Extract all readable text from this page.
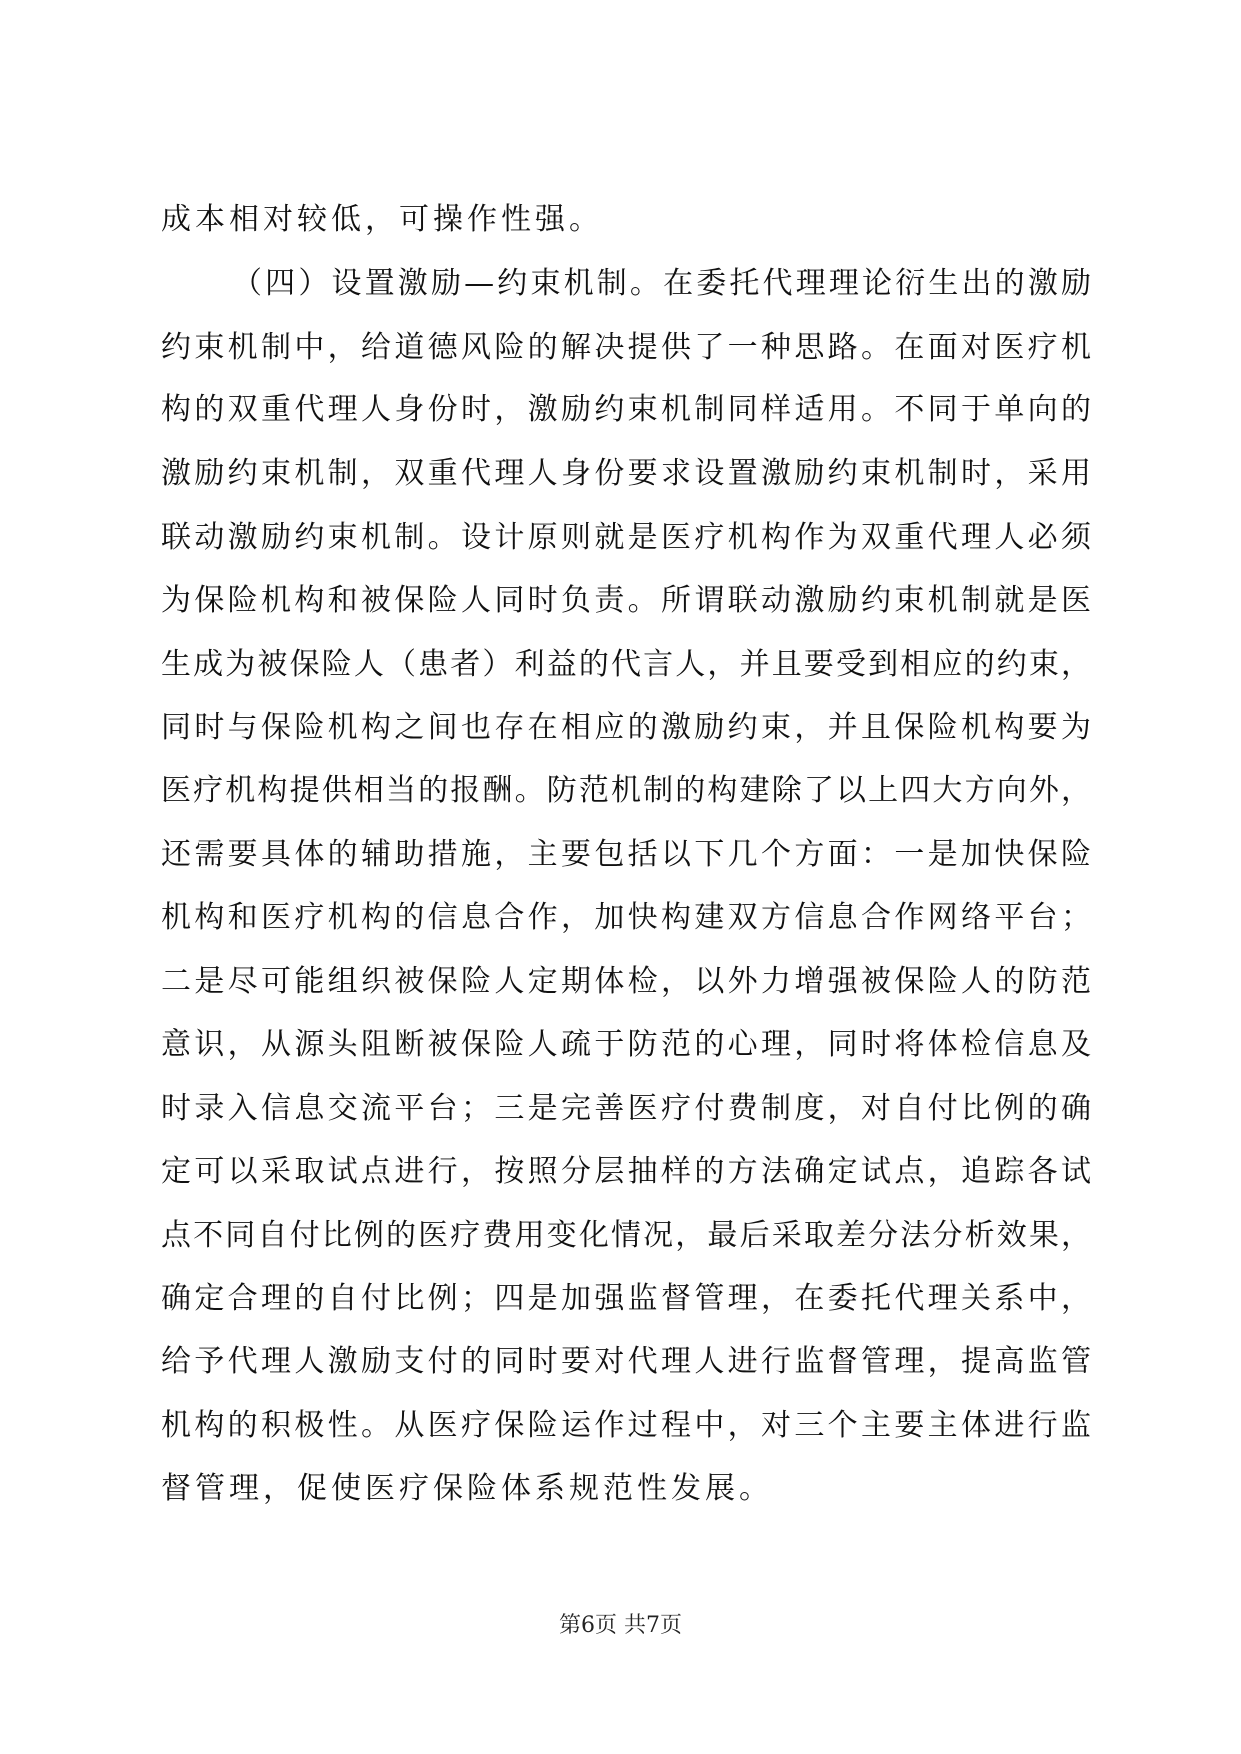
成本相对较低，可操作性强。
（四）设置激励—约束机制。在委托代理理论衍生出的激励
约束机制中，给道德风险的解决提供了一种思路。在面对医疗机
构的双重代理人身份时，激励约束机制同样适用。不同于单向的
激励约束机制，双重代理人身份要求设置激励约束机制时，采用
联动激励约束机制。设计原则就是医疗机构作为双重代理人必须
为保险机构和被保险人同时负责。所谓联动激励约束机制就是医
生成为被保险人（患者）利益的代言人，并且要受到相应的约束，
同时与保险机构之间也存在相应的激励约束，并且保险机构要为
医疗机构提供相当的报酬。防范机制的构建除了以上四大方向外，
还需要具体的辅助措施，主要包括以下几个方面：一是加快保险
机构和医疗机构的信息合作，加快构建双方信息合作网络平台；
二是尽可能组织被保险人定期体检，以外力增强被保险人的防范
意识，从源头阻断被保险人疏于防范的心理，同时将体检信息及
时录入信息交流平台；三是完善医疗付费制度，对自付比例的确
定可以采取试点进行，按照分层抽样的方法确定试点，追踪各试
点不同自付比例的医疗费用变化情况，最后采取差分法分析效果，
确定合理的自付比例；四是加强监督管理，在委托代理关系中，
给予代理人激励支付的同时要对代理人进行监督管理，提高监管
机构的积极性。从医疗保险运作过程中，对三个主要主体进行监
督管理，促使医疗保险体系规范性发展。
第6页 共7页
